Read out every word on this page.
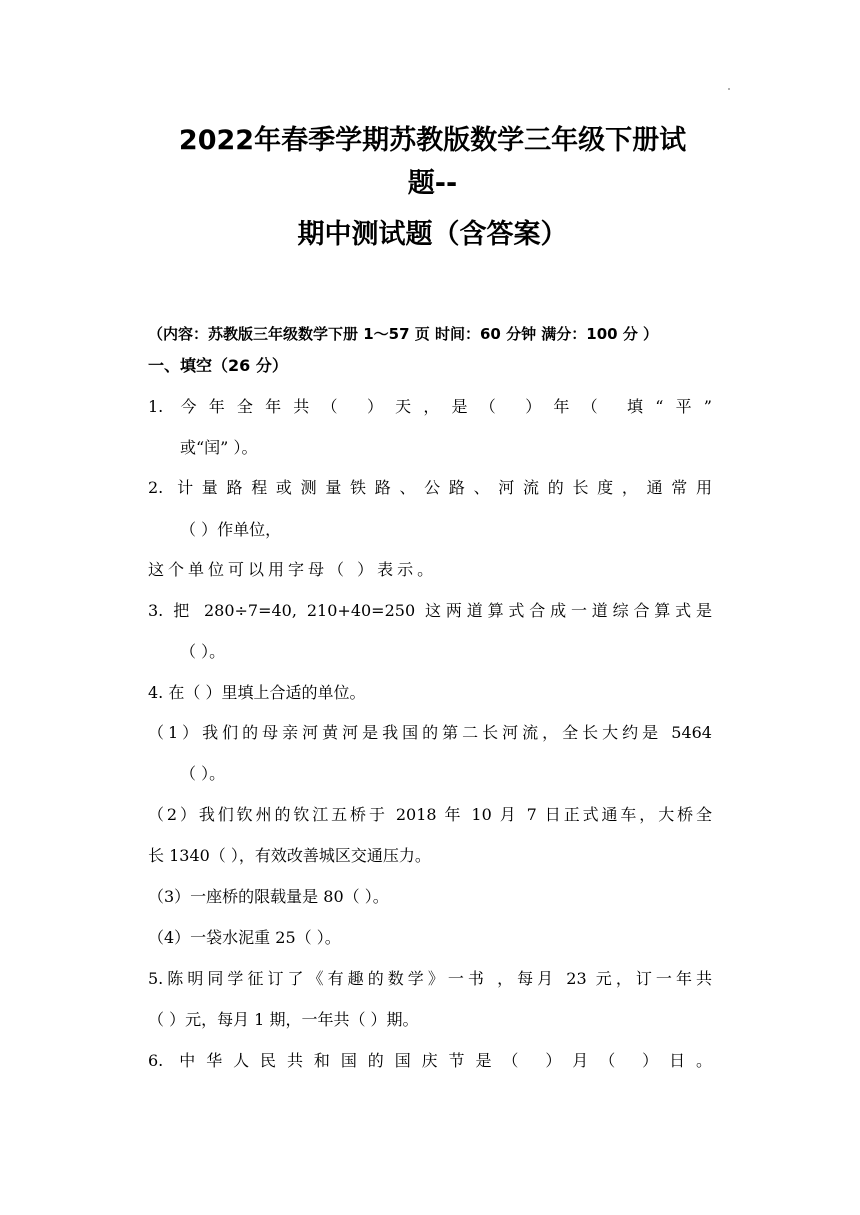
2022年春季学期苏教版数学三年级下册试
题--
期中测试题（含答案）
（内容：苏教版三年级数学下册 1～57 页 时间：60 分钟 满分：100 分 ）
一、填空（26 分）
1. 今年全年共（ ）天，是（ ）年（ 填“平”
或“闰” ）。
2. 计量路程或测量铁路、公路、河流的长度，通常用
（ ）作单位，
这个单位可以用字母（ ）表示。
3. 把 280÷7=40, 210+40=250 这两道算式合成一道综合算式是
（ ）。
4. 在（ ）里填上合适的单位。
（1）我们的母亲河黄河是我国的第二长河流，全长大约是 5464
（ ）。
（2）我们钦州的钦江五桥于 2018 年 10 月 7 日正式通车，大桥全
长 1340（ ），有效改善城区交通压力。
（3）一座桥的限载量是 80（ ）。
（4）一袋水泥重 25（ ）。
5.陈明同学征订了《有趣的数学》一书 ，每月 23 元，订一年共
（ ）元，每月 1 期，一年共（ ）期。
6. 中华人民共和国的国庆节是（ ）月（ ）日。
